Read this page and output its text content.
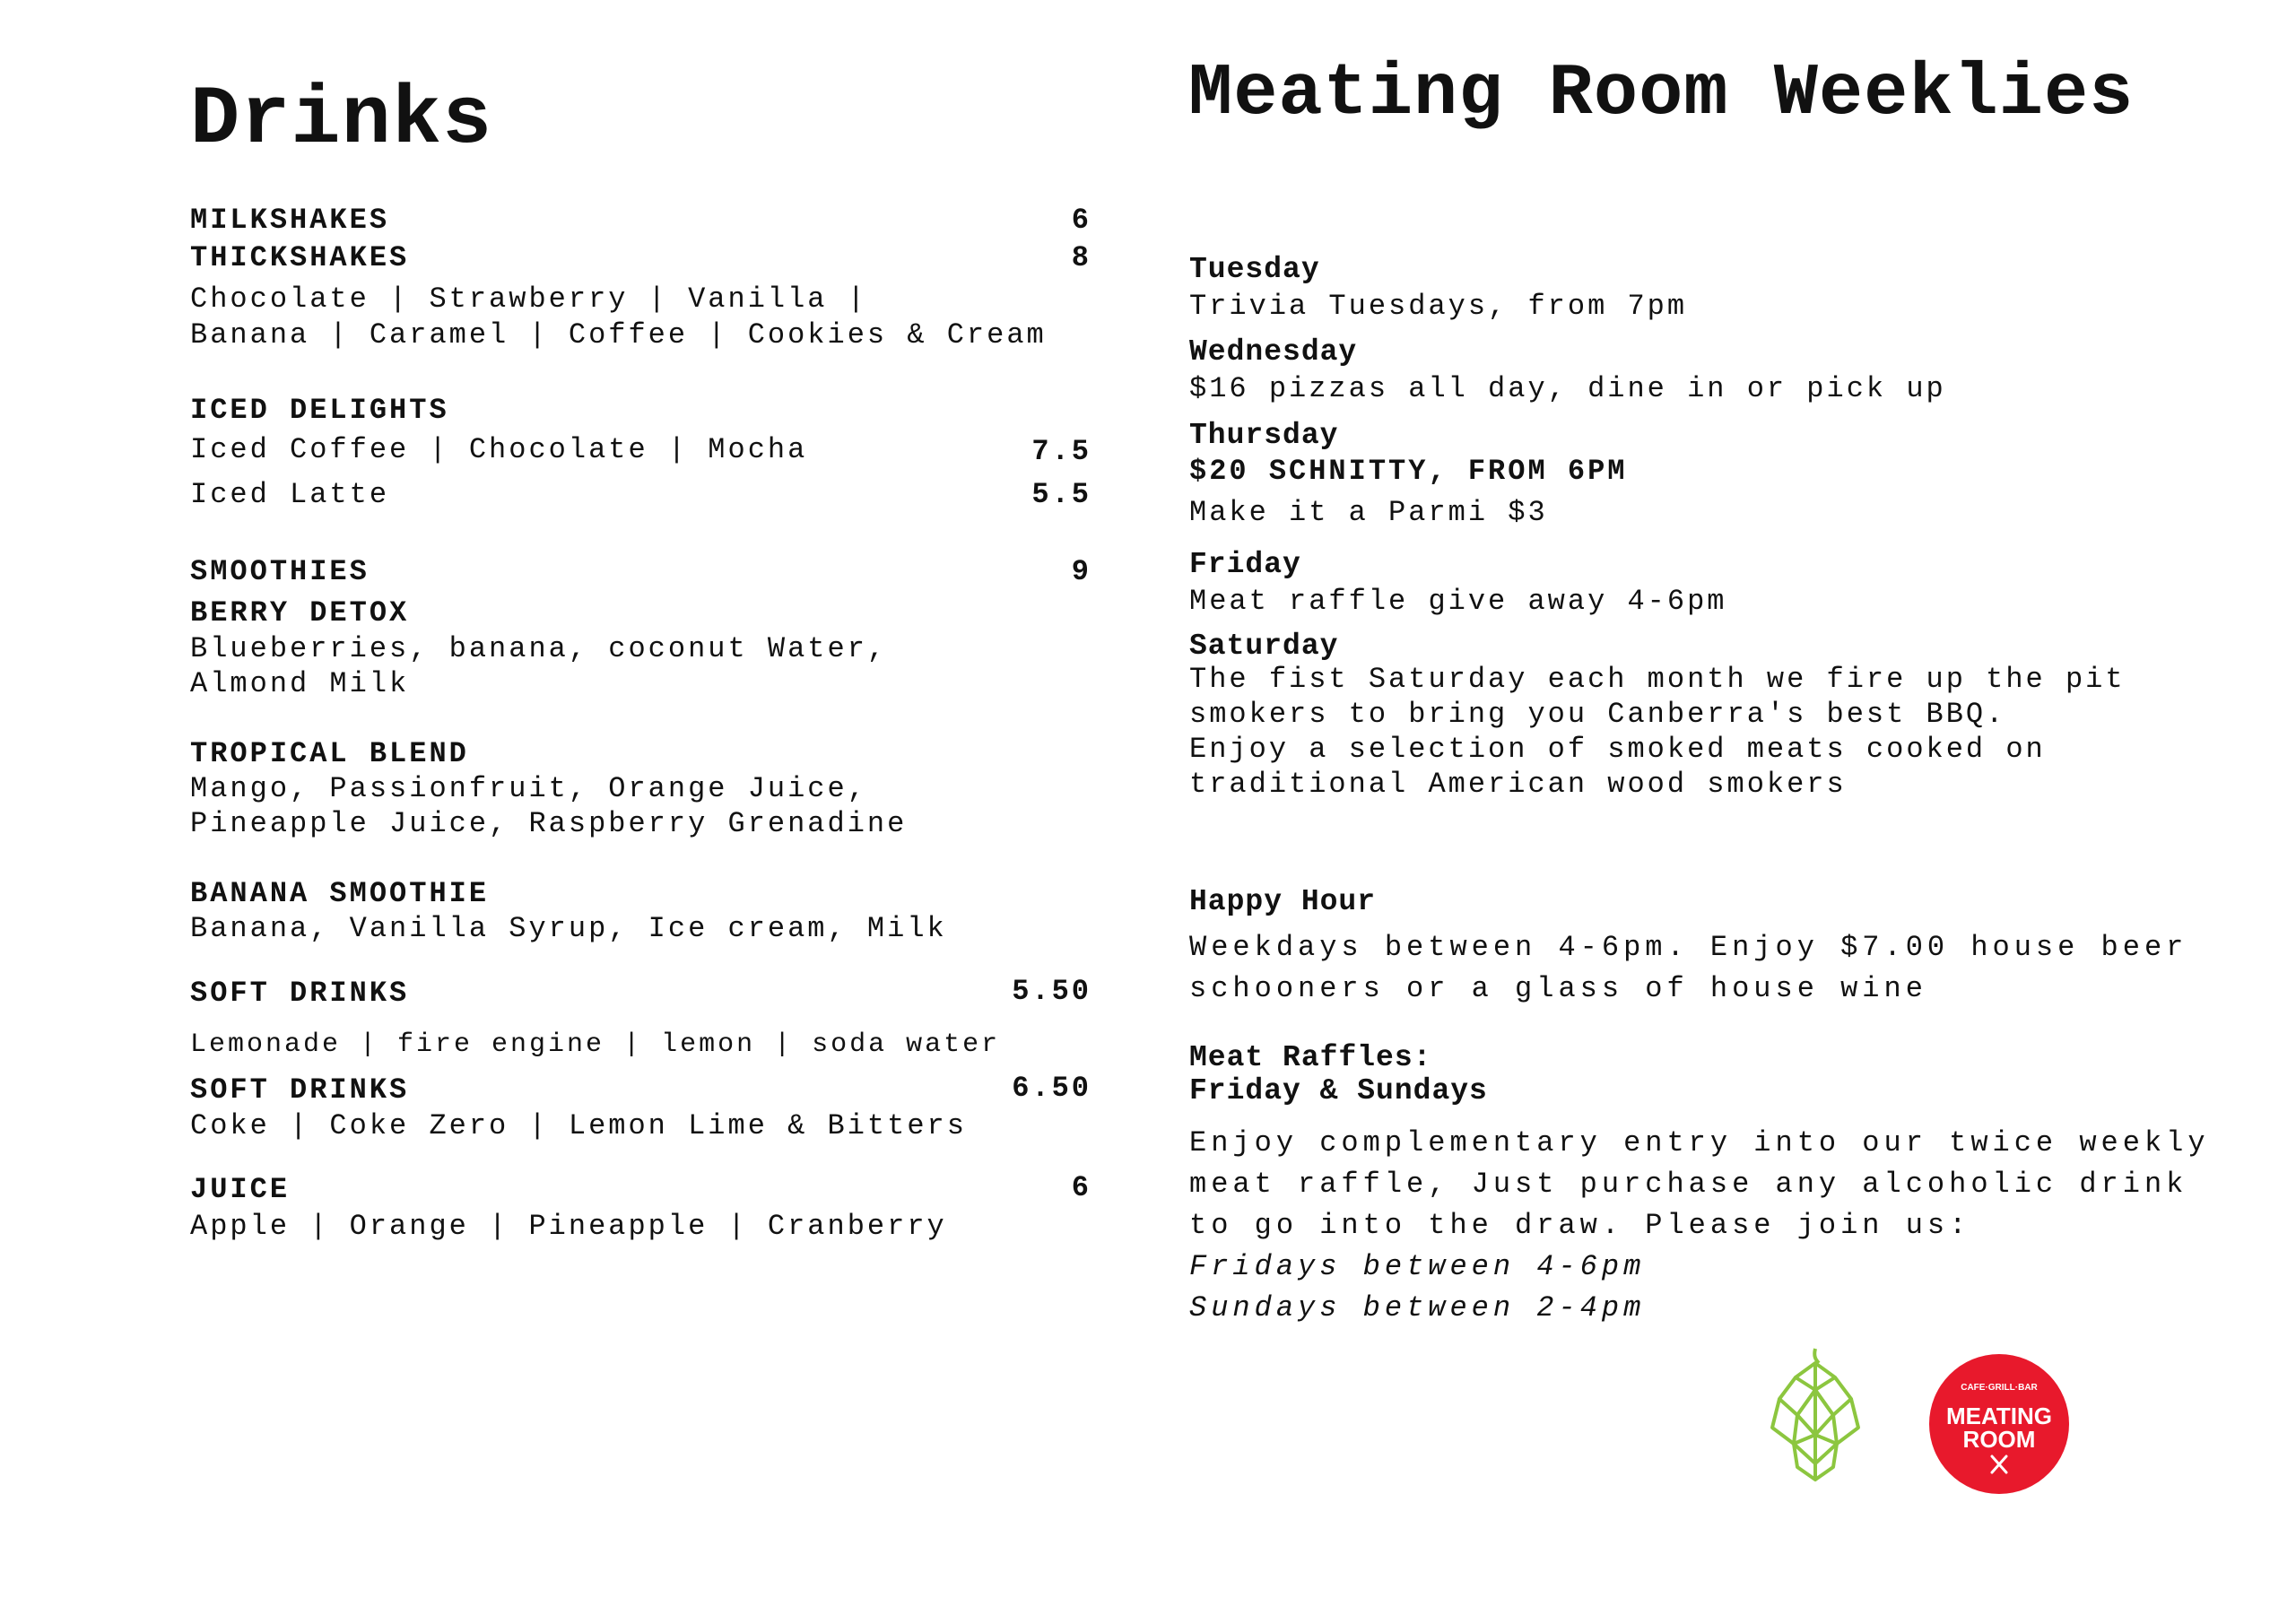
Drinks
MILKSHAKES	6
THICKSHAKES	8
Chocolate | Strawberry | Vanilla |
Banana | Caramel | Coffee | Cookies & Cream
ICED DELIGHTS
Iced Coffee | Chocolate | Mocha	7.5
Iced Latte	5.5
SMOOTHIES	9
BERRY DETOX
Blueberries, banana, coconut Water,
Almond Milk
TROPICAL BLEND
Mango, Passionfruit, Orange Juice,
Pineapple Juice, Raspberry Grenadine
BANANA SMOOTHIE
Banana, Vanilla Syrup, Ice cream, Milk
SOFT DRINKS	5.50
Lemonade | fire engine | lemon | soda water
SOFT DRINKS	6.50
Coke | Coke Zero | Lemon Lime & Bitters
JUICE	6
Apple | Orange | Pineapple | Cranberry
Meating Room Weeklies
Tuesday
Trivia Tuesdays, from 7pm
Wednesday
$16 pizzas all day, dine in or pick up
Thursday
$20 SCHNITTY, FROM 6PM
Make it a Parmi $3
Friday
Meat raffle give away 4-6pm
Saturday
The fist Saturday each month we fire up the pit
smokers to bring you Canberra's best BBQ.
Enjoy a selection of smoked meats cooked on
traditional American wood smokers
Happy Hour
Weekdays between 4-6pm. Enjoy $7.00 house beer
schooners or a glass of house wine
Meat Raffles:
Friday & Sundays
Enjoy complementary entry into our twice weekly
meat raffle, Just purchase any alcoholic drink
to go into the draw. Please join us:
Fridays between 4-6pm
Sundays between 2-4pm

CAFE·GRILL·BAR
MEATING
ROOM
